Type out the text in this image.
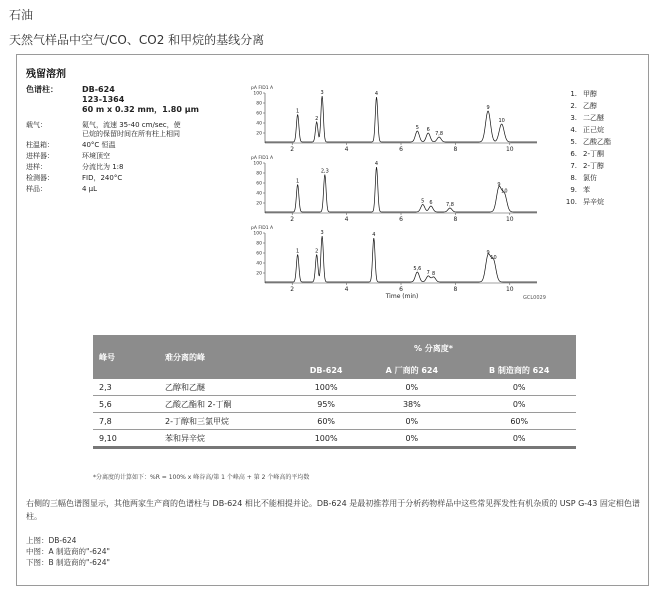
石油
天然气样品中空气/CO、CO2 和甲烷的基线分离
残留溶剂
色谱柱：	DB-624
123-1364
60 m x 0.32 mm，1.80 μm
载气：	氦气，流速 35-40 cm/sec，使已烷的保留时间在所有柱上相同
柱温箱：	40°C 恒温
进样器：	环境顶空
进样：	分流比为 1:8
检测器：	FID，240°C
样品：	4 μL
pA FID1 A
20
40
60
80
100
2	4	6	8	10
1
2
3	4
5 6
7,8
9
10
pA FID1 A
20
40
60
80
100
2	4	6	8	10
1
2,3
4
5 6	7,8
9
10
pA FID1 A
20
40
60
80
100
2	4	6	8	10
1	2
3	4
5,6
7 8
9
10
Time (min)
1. 甲醇
2. 乙醇
3. 二乙醚
4. 正己烷
5. 乙酸乙酯
6. 2-丁酮
7. 2-丁醇
8. 氯仿
9. 苯
10. 异辛烷
GCL0029
峰号	难分离的峰	% 分离度*		
		DB-624	A 厂商的 624	B 制造商的 624
2,3	乙醇和乙醚	100%	0%	0%
5,6	乙酸乙酯和 2-丁酮	95%	38%	0%
7,8	2-丁醇和三氯甲烷	60%	0%	60%
9,10	苯和异辛烷	100%	0%	0%
*分离度的计算如下：%R = 100% x 峰谷高/第 1 个峰高 + 第 2 个峰高的平均数
右侧的三幅色谱图显示，其他两家生产商的色谱柱与 DB-624 相比不能相提并论。DB-624 是最初推荐用于分析药物样品中这些常见挥发性有机杂质的 USP G-43 固定相色谱柱。
上图：DB-624
中图：A 制造商的"-624"
下图：B 制造商的"-624"
